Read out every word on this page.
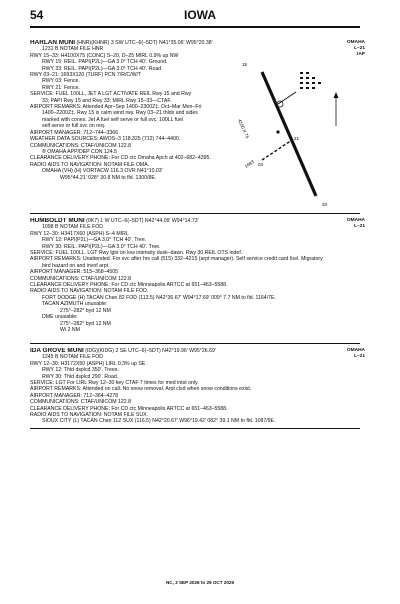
54	IOWA
HARLAN MUNI (HNR)(KHNR) 3 SW UTC–6(–5DT) N41°35.06′ W95°20.38′
1231 B NOTAM FILE HNR
RWY 15–33: H4100X75 (CONC) S–20, D–25 MIRL 0.9% up NW
RWY 15: REIL. PAPI(P2L)—GA 3.0° TCH 40′. Ground.
RWY 33: REIL. PAPI(P2L)—GA 3.0° TCH 40′. Road.
RWY 03–21: 1693X120 (TURF) PCN 7/R/C/W/T
RWY 03: Fence.
RWY 21: Fence.
SERVICE: FUEL 100LL, JET A LGT ACTIVATE REIL Rwy 15 and Rwy
33; PAPI Rwy 15 and Rwy 33; MIRL Rwy 15–33—CTAF.
AIRPORT REMARKS: Attended Apr–Sep 1400–2300Z‡, Oct–Mar Mon–Fri
1400–2200Z‡. Rwy 15 is calm wind rwy. Rwy 03–21 thlds and sides
marked with cones. Jet A fuel self serve or full svc. 100LL fuel
self serve or full svc on req.
AIRPORT MANAGER: 712–744–3366
WEATHER DATA SOURCES: AWOS–3 118.325 (712) 744–4400.
COMMUNICATIONS: CTAF/UNICOM 122.8
® OMAHA APP/DEP CON 124.5
CLEARANCE DELIVERY PHONE: For CD ctc Omaha Apch at 402–682–4395.
RADIO AIDS TO NAVIGATION: NOTAM FILE OMA.
OMAHA (VH) (H) VORTACW 116.3 OVR N41°10.03′
W95°44.21′ 028° 30.8 NM to fld. 1300/8E.
OMAHA
L–21
IAP
15
4100 X 75
1693
21
03
33
HUMBOLDT MUNI (0K7) 1 W UTC–6(–5DT) N42°44.09′ W94°14.73′
1098 B NOTAM FILE FOD
RWY 12–30: H3417X60 (ASPH) S–4 MIRL
RWY 12: PAPI(P2L)—GA 3.0° TCH 40′. Tree.
RWY 30: REIL. PAPI(P2L)—GA 3.0° TCH 40′. Tree.
SERVICE: FUEL 100LL. LGT Rwy lgts on low intensity dusk–dawn. Rwy 30 REIL OTS indef.
AIRPORT REMARKS: Unattended. For svc after hrs call (515) 332–4215 (arpt manager). Self service credit card fuel. Migratory
bird hazard on and invof arpt.
AIRPORT MANAGER: 515–368–4505
COMMUNICATIONS: CTAF/UNICOM 122.8
CLEARANCE DELIVERY PHONE: For CD ctc Minneapolis ARTCC at 651–463–5588.
RADIO AIDS TO NAVIGATION: NOTAM FILE FOD.
FORT DODGE (H) TACAN Chan 82 FOD (113.5) N42°36.67′ W94°17.69′ 009° 7.7 NM to fld. 1164/7E.
TACAN AZIMUTH unusable:
275°–282° byd 12 NM
DME unusable:
275°–282° byd 12 NM
Wi 2 NM
OMAHA
L–21
IDA GROVE MUNI (IDG)(KIDG) 2 SE UTC–6(–5DT) N42°19.96′ W95°26.69′
1245 B NOTAM FILE FOD
RWY 12–30: H3172X50 (ASPH) LIRL 0.3% up SE
RWY 12: Thld dsplcd 350′. Trees.
RWY 30: Thld dsplcd 290′. Road.
SERVICE: LGT For LIRL Rwy 12–30 key CTAF 7 times for med intst only.
AIRPORT REMARKS: Attended on call. No snow removal. Arpt clsd when snow conditions exist.
AIRPORT MANAGER: 712–364–4278
COMMUNICATIONS: CTAF/UNICOM 122.8
CLEARANCE DELIVERY PHONE: For CD ctc Minneapolis ARTCC at 651–463–5588.
RADIO AIDS TO NAVIGATION: NOTAM FILE SUX.
SIOUX CITY (L) TACAN Chan 112 SUX (116.5) N42°20.67′ W96°19.42′ 082° 39.1 NM to fld. 1087/9E.
OMAHA
L–21
NC, 3 SEP 2026 to 29 OCT 2026
